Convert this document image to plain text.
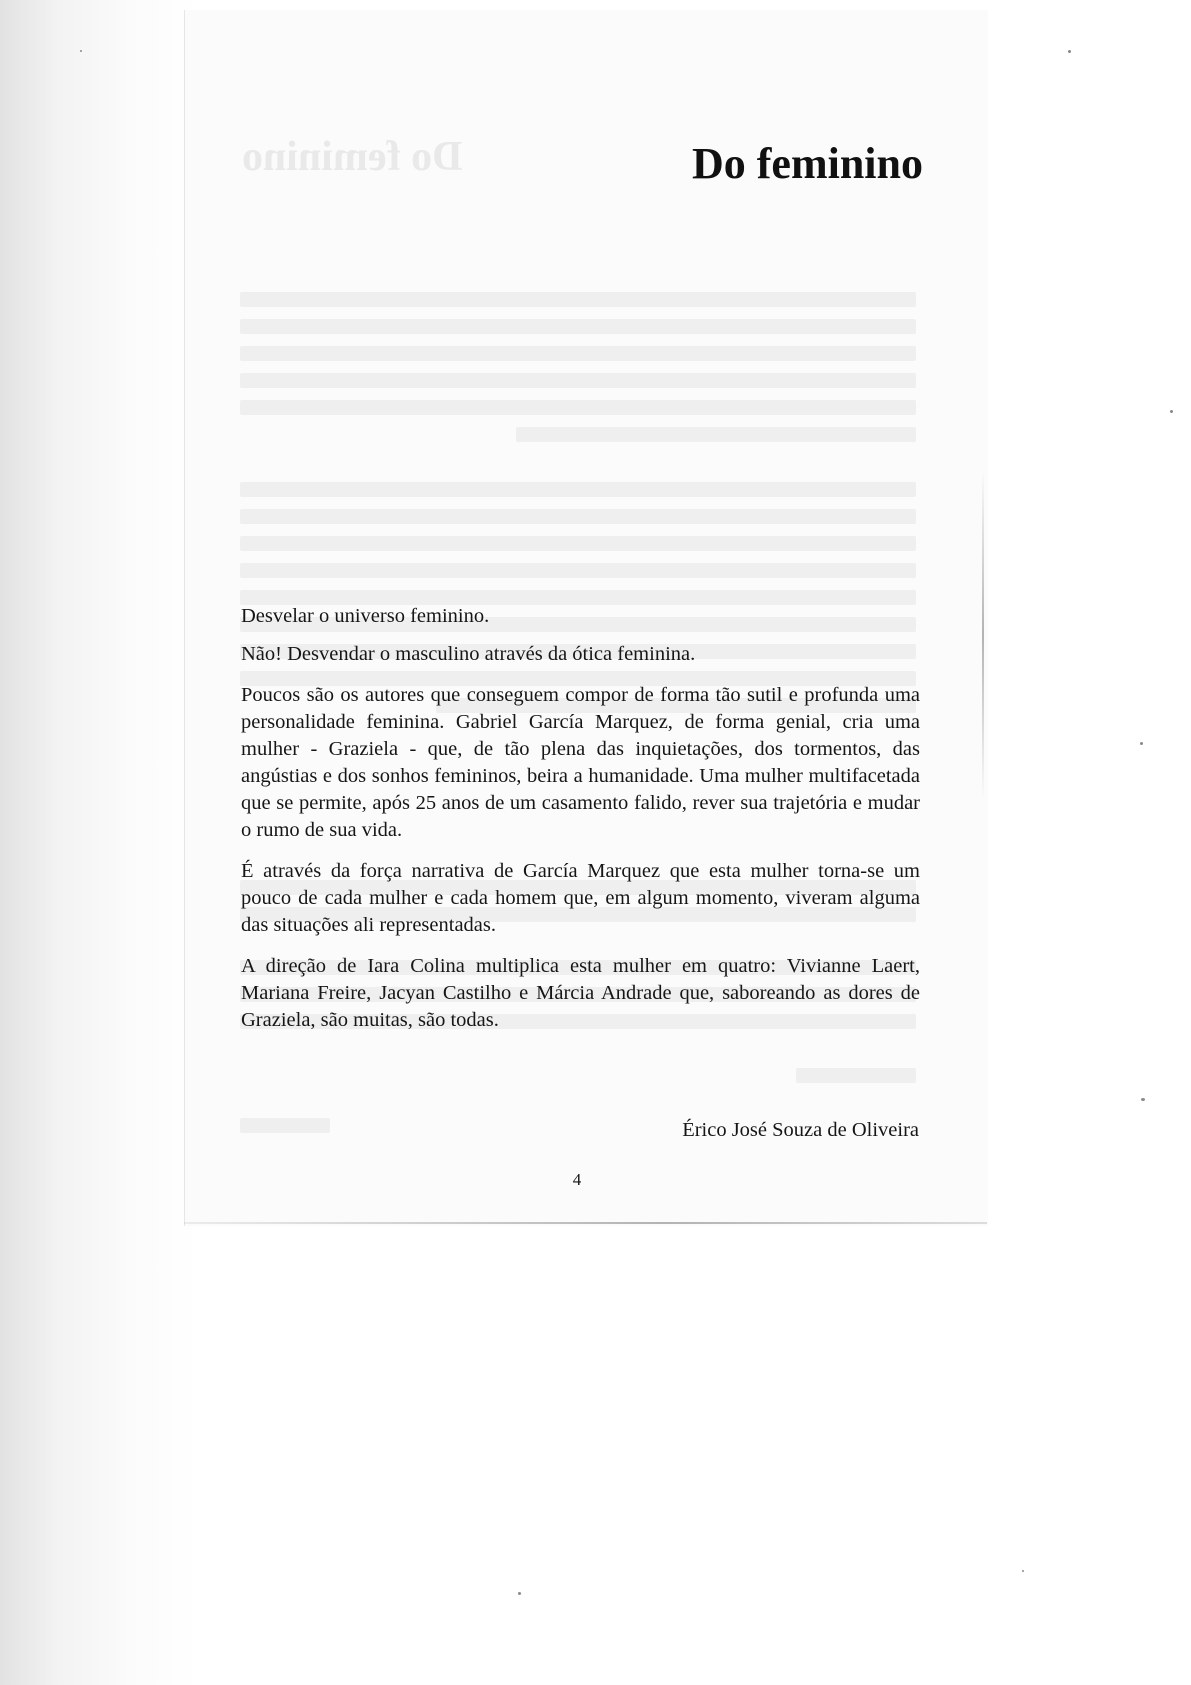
Do feminino	Do feminino

Desvelar o universo feminino.

Não! Desvendar o masculino através da ótica feminina.

Poucos são os autores que conseguem compor de forma tão sutil e profunda uma personalidade feminina. Gabriel García Marquez, de forma genial, cria uma mulher - Graziela - que, de tão plena das inquietações, dos tormentos, das angústias e dos sonhos femininos, beira a humanidade. Uma mulher multifacetada que se permite, após 25 anos de um casamento falido, rever sua trajetória e mudar o rumo de sua vida.

É através da força narrativa de García Marquez que esta mulher torna-se um pouco de cada mulher e cada homem que, em algum momento, viveram alguma das situações ali representadas.

A direção de Iara Colina multiplica esta mulher em quatro: Vivianne Laert, Mariana Freire, Jacyan Castilho e Márcia Andrade que, saboreando as dores de Graziela, são muitas, são todas.

Érico José Souza de Oliveira

4
